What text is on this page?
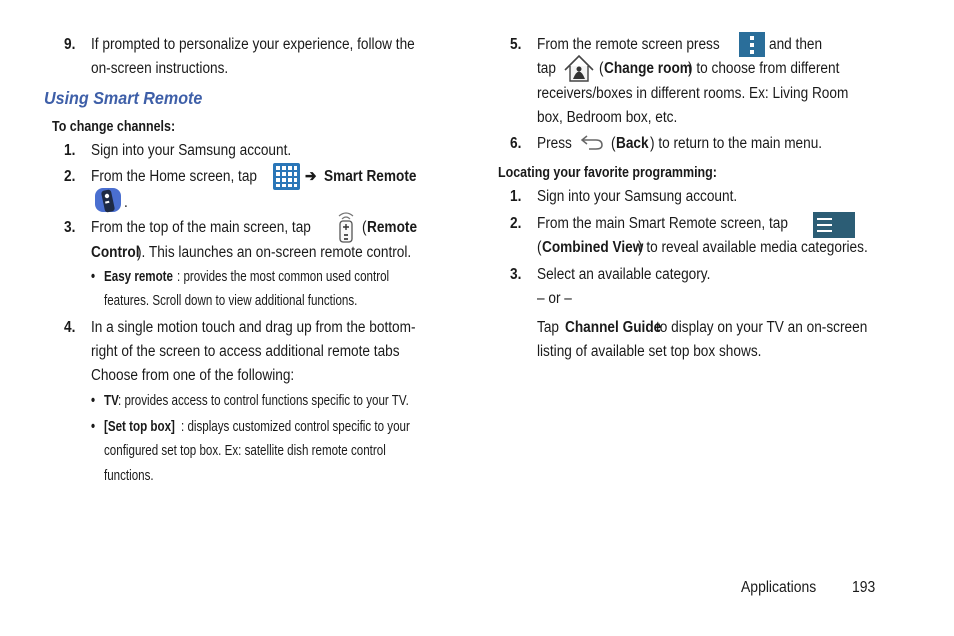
9. If prompted to personalize your experience, follow the
on-screen instructions.
Using Smart Remote
To change channels:
1. Sign into your Samsung account.
2. From the Home screen, tap	➔ Smart Remote
.
3. From the top of the main screen, tap	( Remote
Control
). This launches an on-screen remote control.
• Easy remote : provides the most common used control
features. Scroll down to view additional functions.
4. In a single motion touch and drag up from the bottom-
right of the screen to access additional remote tabs
Choose from one of the following:
• TV : provides access to control functions specific to your TV.
• [Set top box] : displays customized control specific to your
configured set top box. Ex: satellite dish remote control
functions.
5. From the remote screen press	and then
tap	( Change room
) to choose from different
receivers/boxes in different rooms. Ex: Living Room
box, Bedroom box, etc.
6. Press	( Back ) to return to the main menu.
Locating your favorite programming:
1. Sign into your Samsung account.
2. From the main Smart Remote screen, tap
( Combined View
) to reveal available media categories.
3. Select an available category.
– or –
Tap Channel Guide
to display on your TV an on-screen
listing of available set top box shows.
Applications 193
